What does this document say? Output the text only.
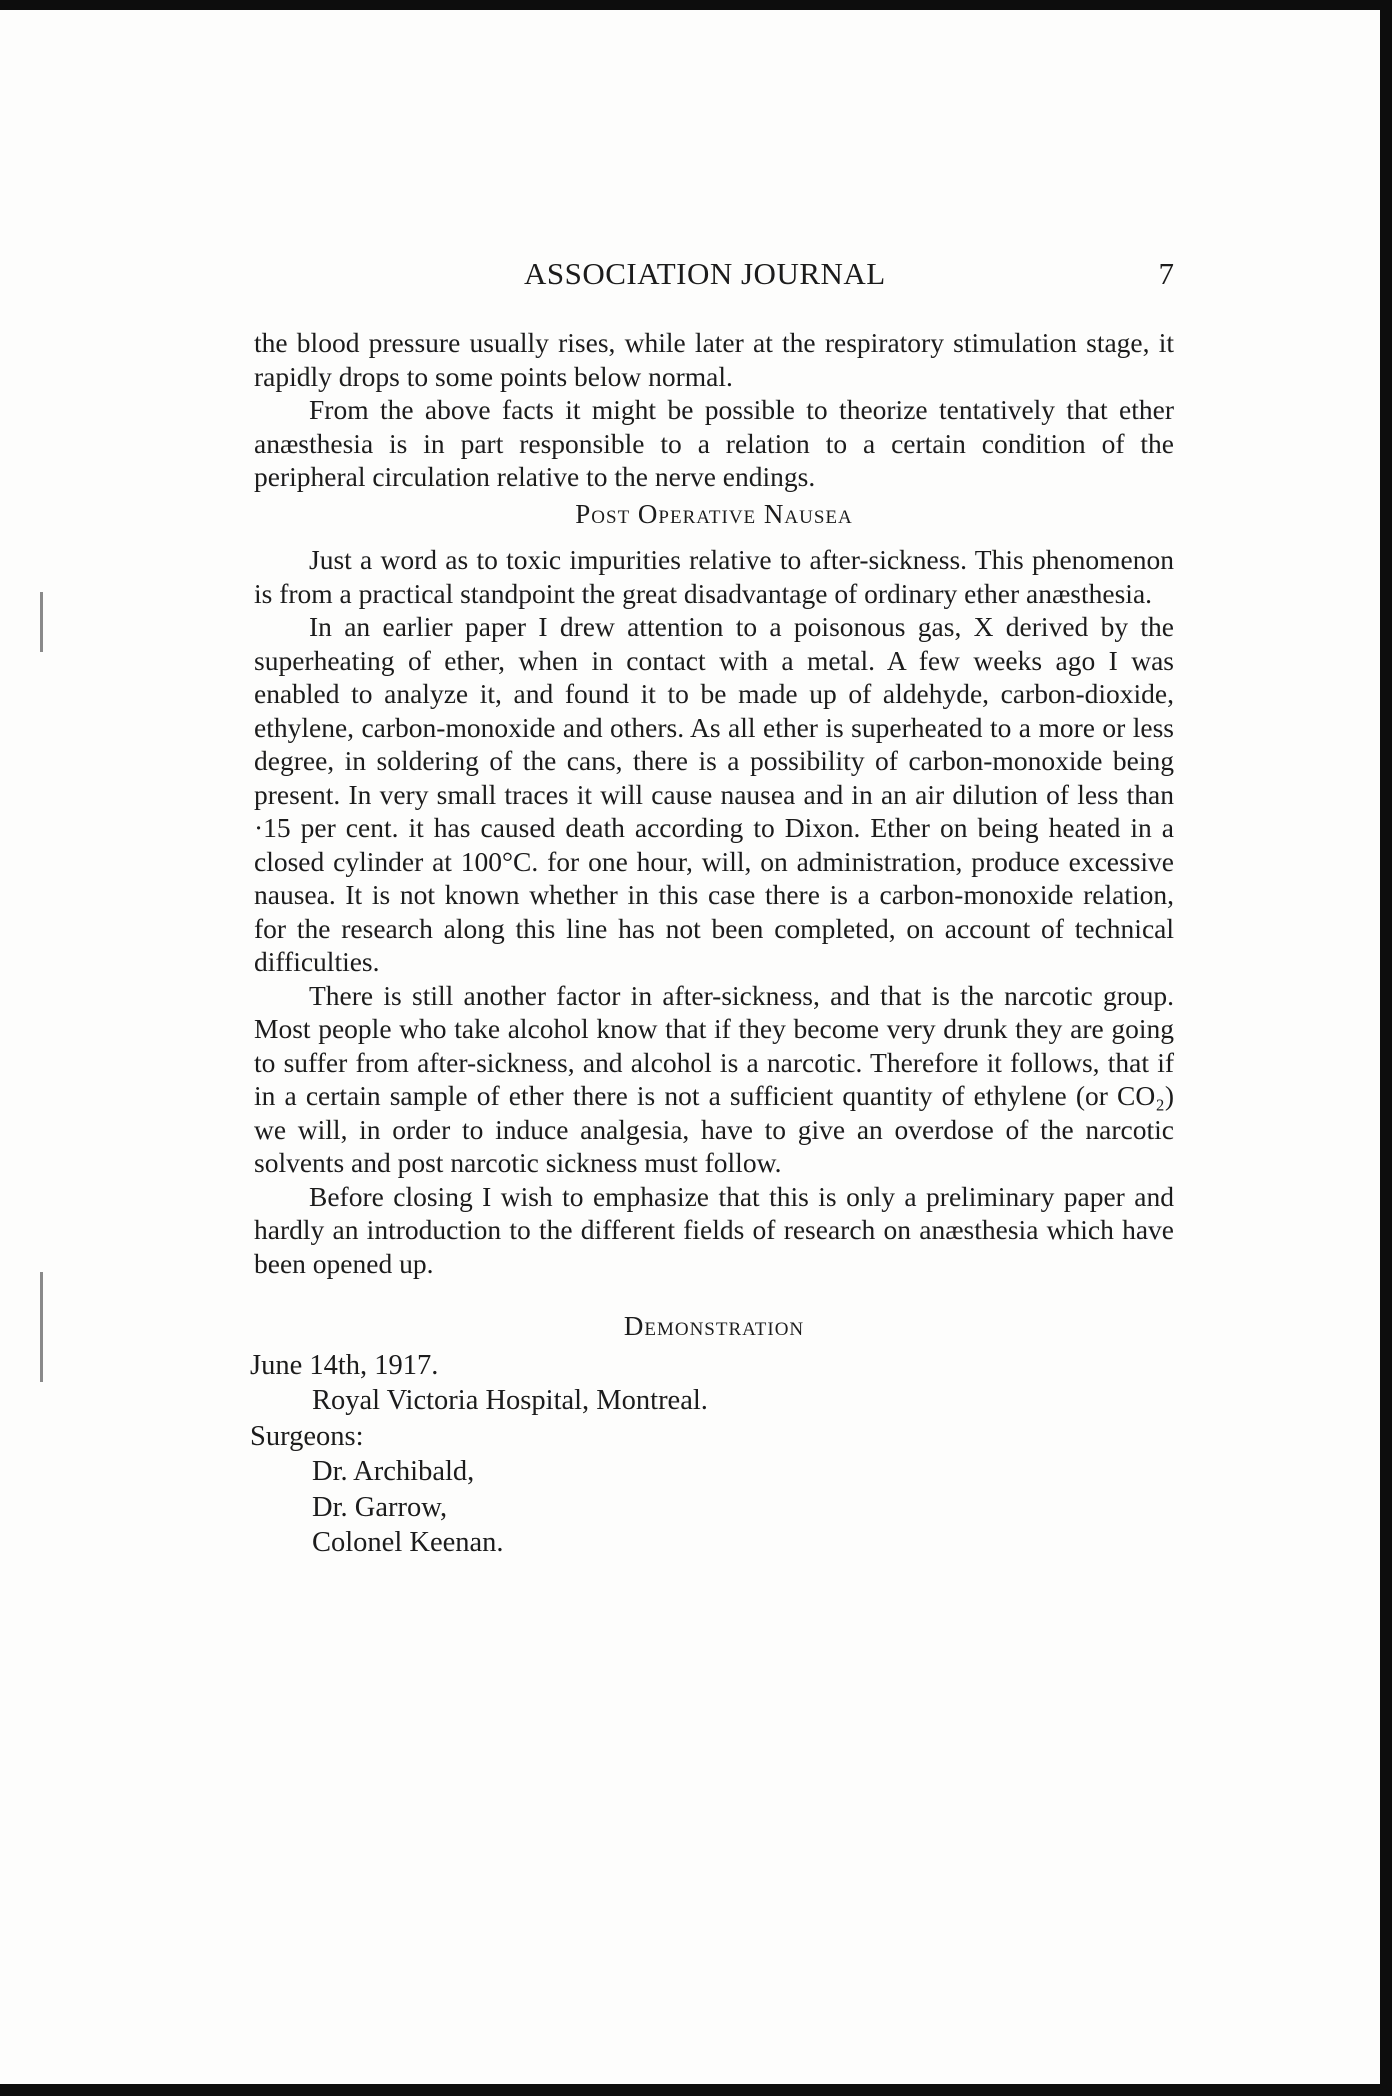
ASSOCIATION JOURNAL	7

the blood pressure usually rises, while later at the respiratory stimulation stage, it rapidly drops to some points below normal.

From the above facts it might be possible to theorize tentatively that ether anæsthesia is in part responsible to a relation to a certain condition of the peripheral circulation relative to the nerve endings.

Post Operative Nausea

Just a word as to toxic impurities relative to after-sickness. This phenomenon is from a practical standpoint the great disadvantage of ordinary ether anæsthesia.

In an earlier paper I drew attention to a poisonous gas, X derived by the superheating of ether, when in contact with a metal. A few weeks ago I was enabled to analyze it, and found it to be made up of aldehyde, carbon-dioxide, ethylene, carbon-monoxide and others. As all ether is superheated to a more or less degree, in soldering of the cans, there is a possibility of carbon-monoxide being present. In very small traces it will cause nausea and in an air dilution of less than ·15 per cent. it has caused death according to Dixon. Ether on being heated in a closed cylinder at 100°C. for one hour, will, on administration, produce excessive nausea. It is not known whether in this case there is a carbon-monoxide relation, for the research along this line has not been completed, on account of technical difficulties.

There is still another factor in after-sickness, and that is the narcotic group. Most people who take alcohol know that if they become very drunk they are going to suffer from after-sickness, and alcohol is a narcotic. Therefore it follows, that if in a certain sample of ether there is not a sufficient quantity of ethylene (or CO₂) we will, in order to induce analgesia, have to give an overdose of the narcotic solvents and post narcotic sickness must follow.

Before closing I wish to emphasize that this is only a preliminary paper and hardly an introduction to the different fields of research on anæsthesia which have been opened up.

Demonstration
June 14th, 1917.
Royal Victoria Hospital, Montreal.
Surgeons:
Dr. Archibald,
Dr. Garrow,
Colonel Keenan.
